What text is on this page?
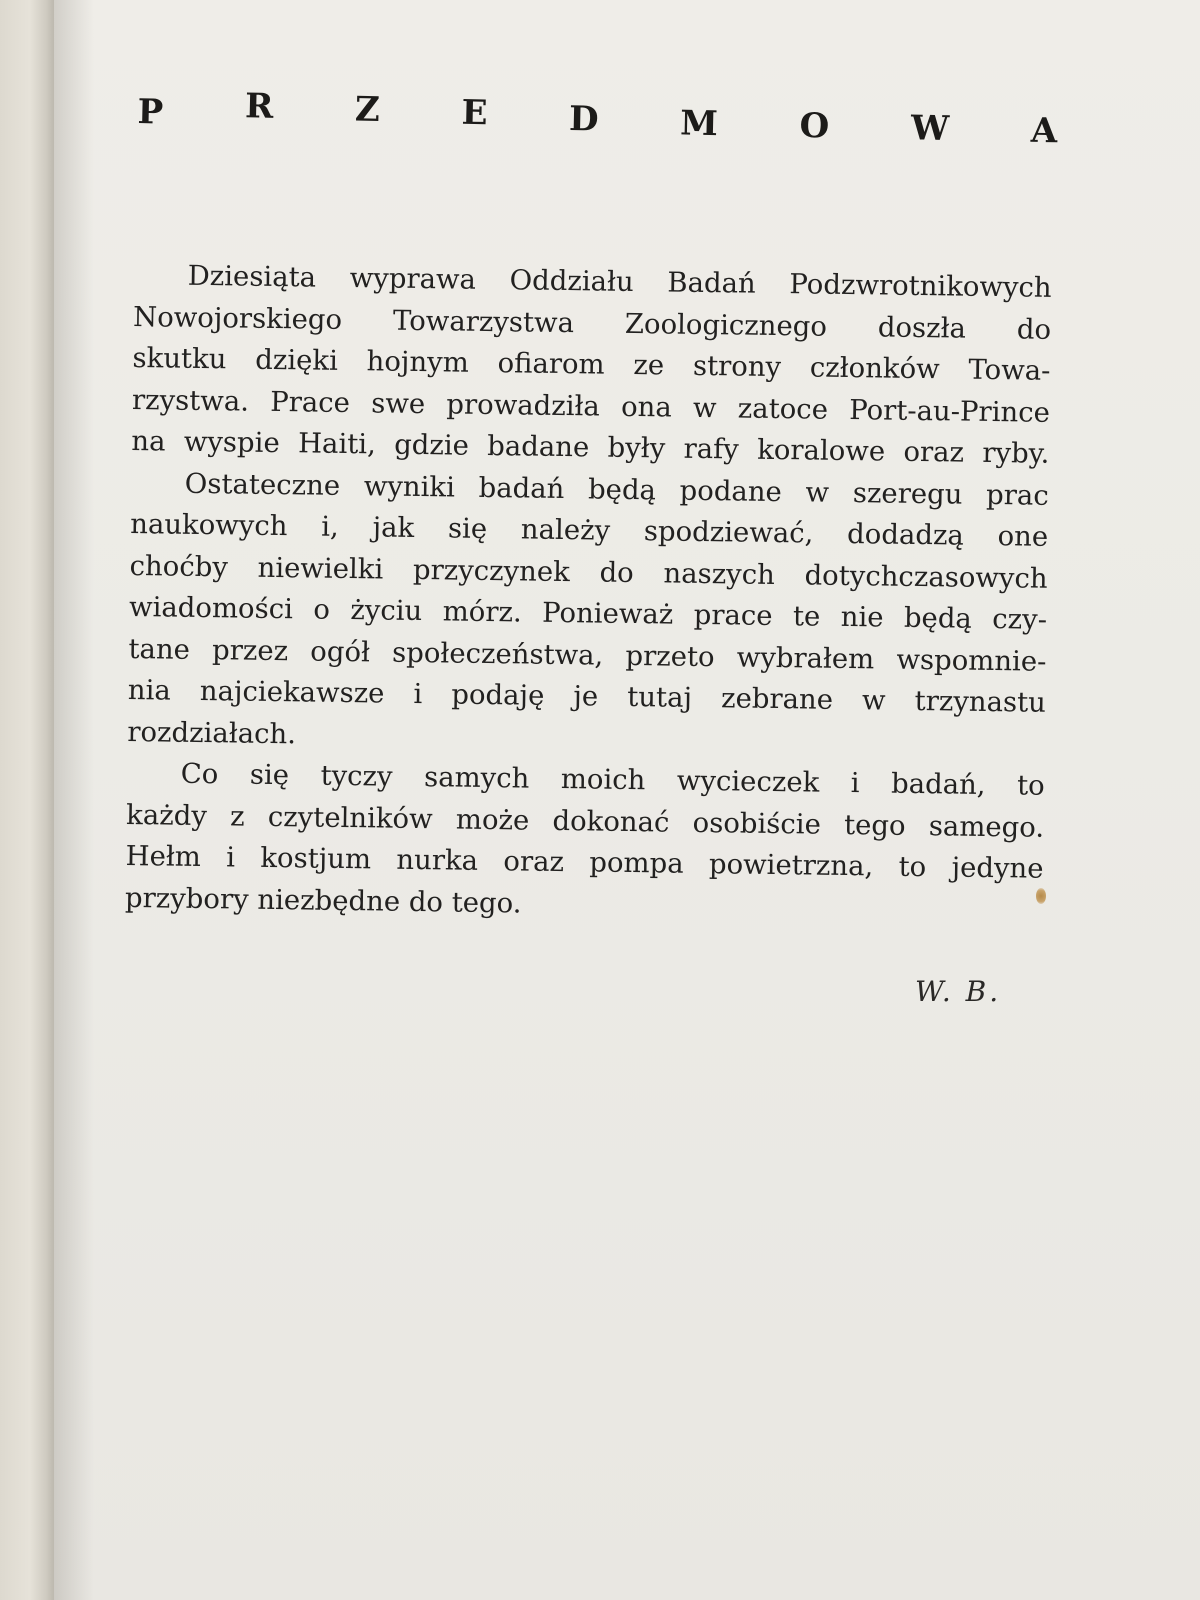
P R Z E D M O W A
Dziesiąta wyprawa Oddziału Badań Podzwrotnikowych
Nowojorskiego Towarzystwa Zoologicznego doszła do
skutku dzięki hojnym ofiarom ze strony członków Towa-
rzystwa. Prace swe prowadziła ona w zatoce Port-au-Prince
na wyspie Haiti, gdzie badane były rafy koralowe oraz ryby.
Ostateczne wyniki badań będą podane w szeregu prac
naukowych i, jak się należy spodziewać, dodadzą one
choćby niewielki przyczynek do naszych dotychczasowych
wiadomości o życiu mórz. Ponieważ prace te nie będą czy-
tane przez ogół społeczeństwa, przeto wybrałem wspomnie-
nia najciekawsze i podaję je tutaj zebrane w trzynastu
rozdziałach.
Co się tyczy samych moich wycieczek i badań, to
każdy z czytelników może dokonać osobiście tego samego.
Hełm i kostjum nurka oraz pompa powietrzna, to jedyne
przybory niezbędne do tego.
W. B.
